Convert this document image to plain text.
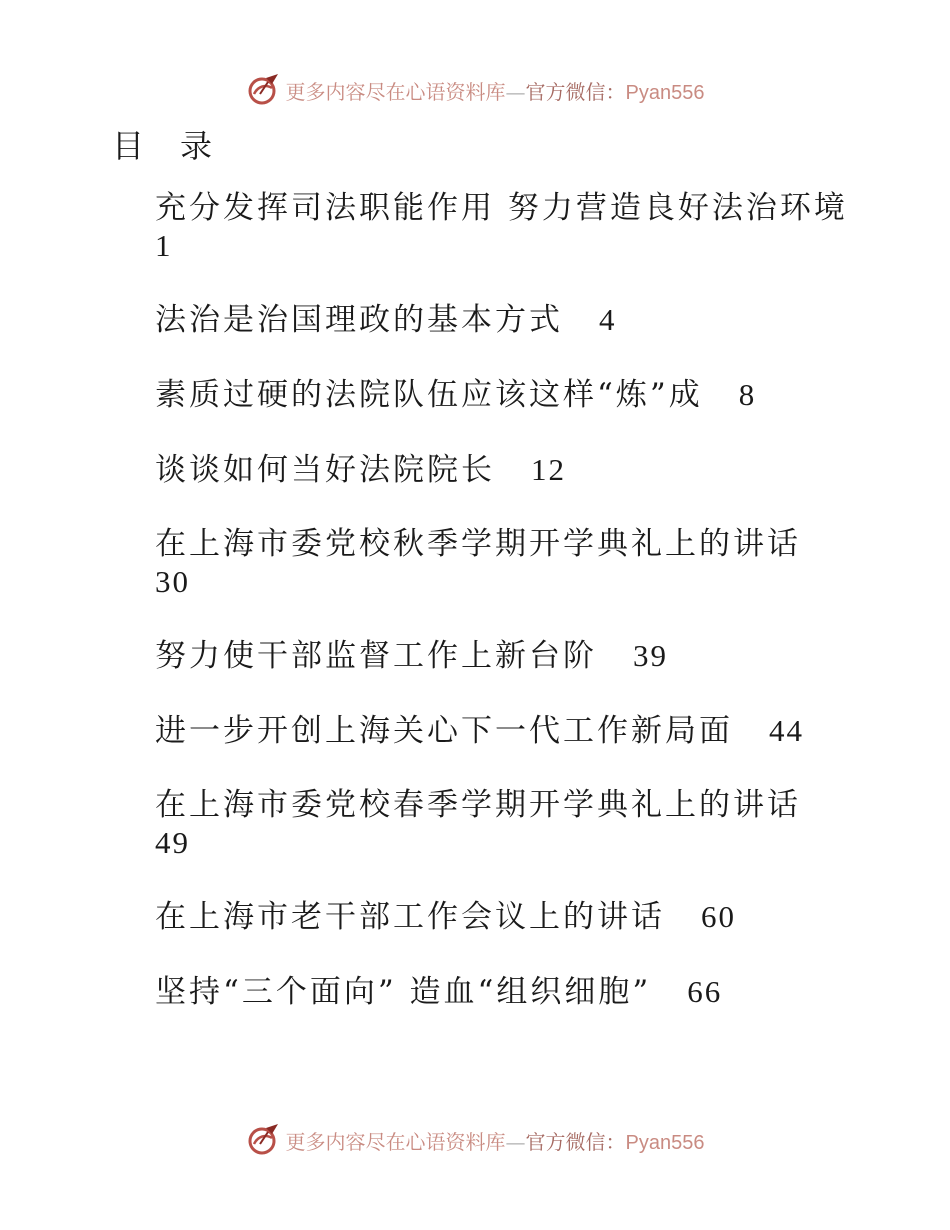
更多内容尽在心语资料库—官方微信：Pyan556
目录
充分发挥司法职能作用 努力营造良好法治环境
1
法治是治国理政的基本方式 4
素质过硬的法院队伍应该这样“炼”成 8
谈谈如何当好法院院长 12
在上海市委党校秋季学期开学典礼上的讲话
30
努力使干部监督工作上新台阶 39
进一步开创上海关心下一代工作新局面 44
在上海市委党校春季学期开学典礼上的讲话
49
在上海市老干部工作会议上的讲话 60
坚持“三个面向” 造血“组织细胞” 66
更多内容尽在心语资料库—官方微信：Pyan556
